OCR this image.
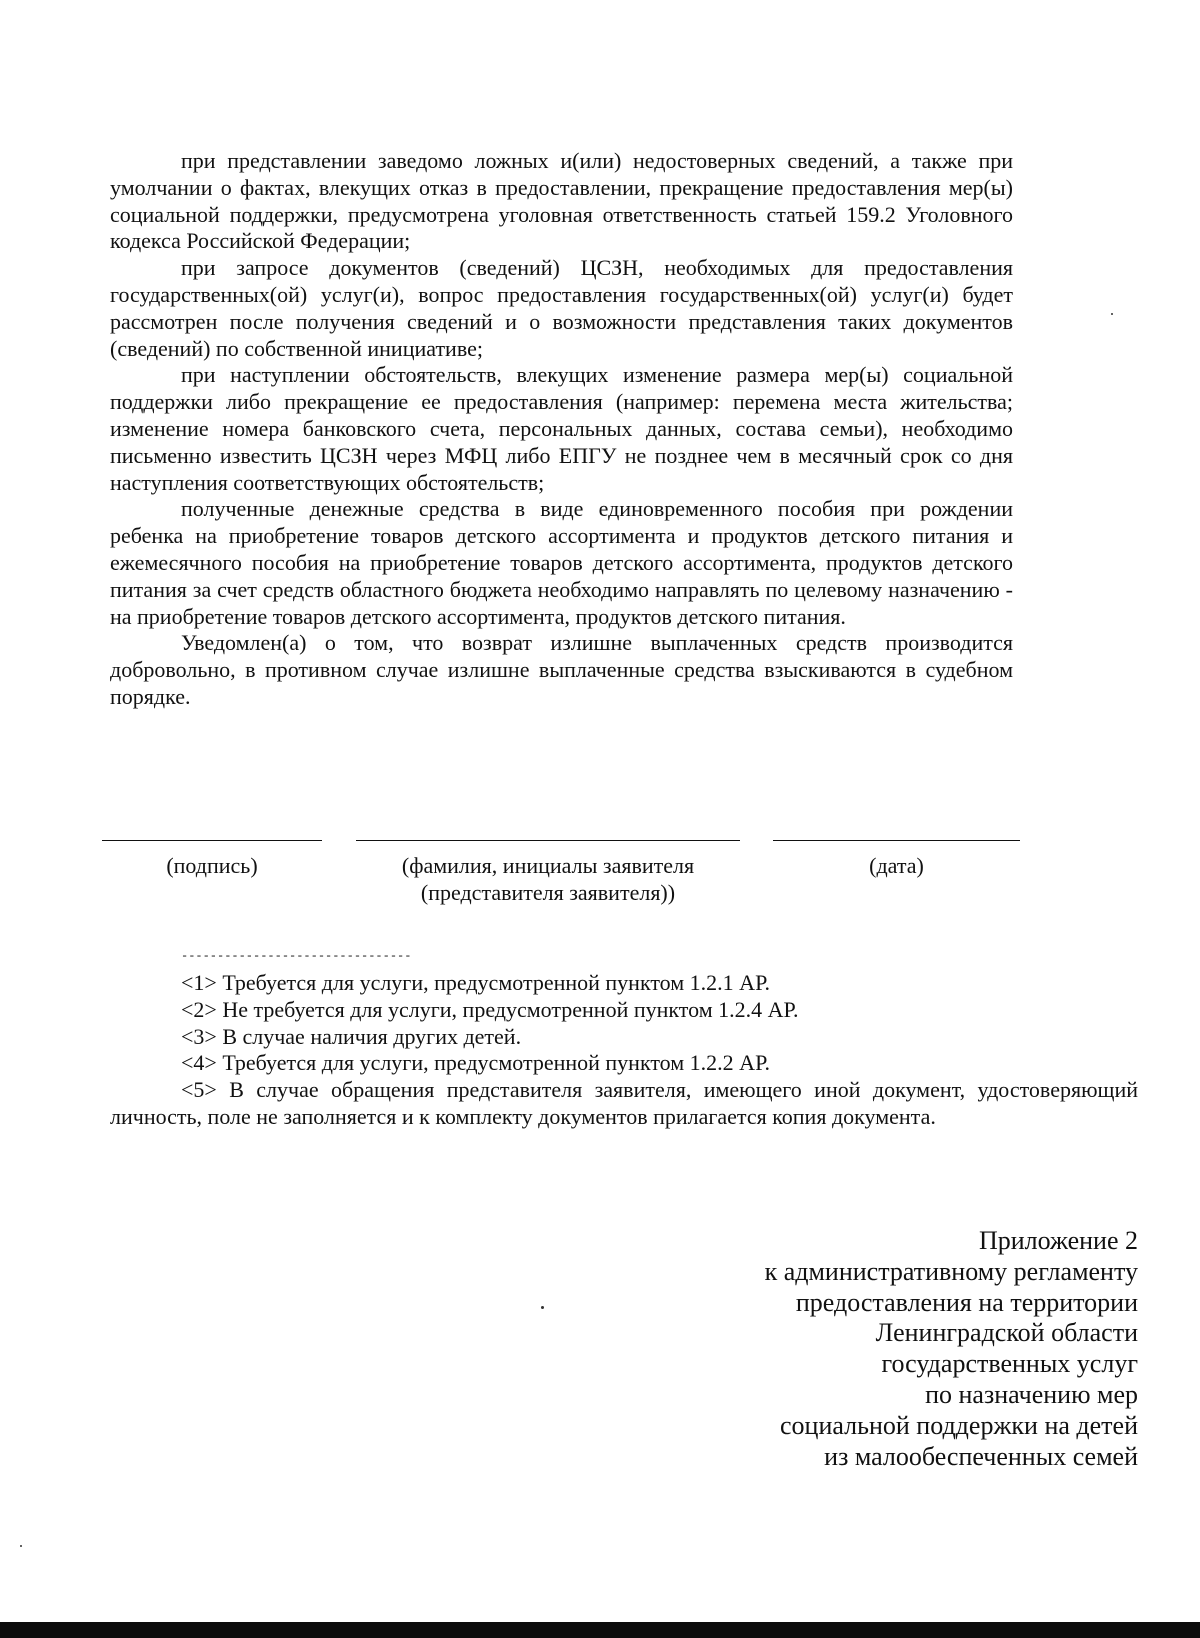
при представлении заведомо ложных и(или) недостоверных сведений, а также при умолчании о фактах, влекущих отказ в предоставлении, прекращение предоставления мер(ы) социальной поддержки, предусмотрена уголовная ответственность статьей 159.2 Уголовного кодекса Российской Федерации;

при запросе документов (сведений) ЦСЗН, необходимых для предоставления государственных(ой) услуг(и), вопрос предоставления государственных(ой) услуг(и) будет рассмотрен после получения сведений и о возможности представления таких документов (сведений) по собственной инициативе;

при наступлении обстоятельств, влекущих изменение размера мер(ы) социальной поддержки либо прекращение ее предоставления (например: перемена места жительства; изменение номера банковского счета, персональных данных, состава семьи), необходимо письменно известить ЦСЗН через МФЦ либо ЕПГУ не позднее чем в месячный срок со дня наступления соответствующих обстоятельств;

полученные денежные средства в виде единовременного пособия при рождении ребенка на приобретение товаров детского ассортимента и продуктов детского питания и ежемесячного пособия на приобретение товаров детского ассортимента, продуктов детского питания за счет средств областного бюджета необходимо направлять по целевому назначению - на приобретение товаров детского ассортимента, продуктов детского питания.

Уведомлен(а) о том, что возврат излишне выплаченных средств производится добровольно, в противном случае излишне выплаченные средства взыскиваются в судебном порядке.

(подпись)	(фамилия, инициалы заявителя
(представителя заявителя))
(дата)
--------------------------------

<1> Требуется для услуги, предусмотренной пунктом 1.2.1 АР.

<2> Не требуется для услуги, предусмотренной пунктом 1.2.4 АР.

<3> В случае наличия других детей.

<4> Требуется для услуги, предусмотренной пунктом 1.2.2 АР.

<5> В случае обращения представителя заявителя, имеющего иной документ, удостоверяющий личность, поле не заполняется и к комплекту документов прилагается копия документа.

Приложение 2
к административному регламенту
предоставления на территории
Ленинградской области
государственных услуг
по назначению мер
социальной поддержки на детей
из малообеспеченных семей
